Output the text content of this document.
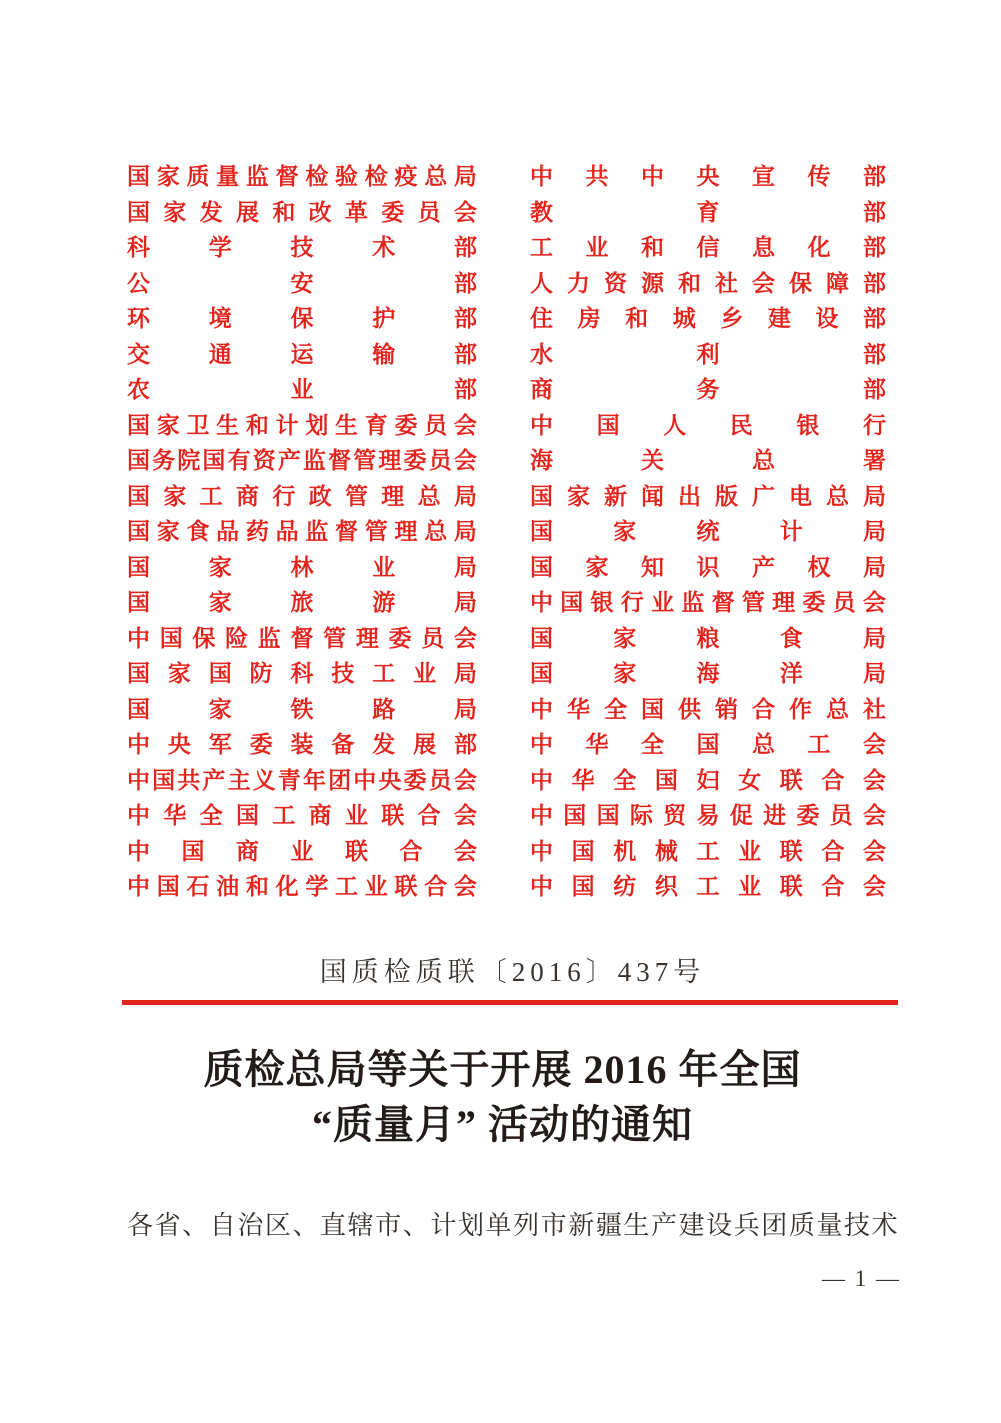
国 家 质 量 监 督 检 验 检 疫 总 局
国 家 发 展 和 改 革 委 员 会
科	学	技	术	部
公	安	部
环	境	保	护	部
交	通	运	输	部
农	业	部
国 家 卫 生 和 计 划 生 育 委 员 会
国 务 院 国 有 资 产 监 督 管 理 委 员 会
国 家 工 商 行 政 管 理 总 局
国 家 食 品 药 品 监 督 管 理 总 局
国	家	林	业	局
国	家	旅	游	局
中 国 保 险 监 督 管 理 委 员 会
国 家 国 防 科 技 工 业 局
国	家	铁	路	局
中 央 军 委 装 备 发 展 部
中 国 共 产 主 义 青 年 团 中 央 委 员 会
中 华 全 国 工 商 业 联 合 会
中 国 商 业 联 合 会
中 国 石 油 和 化 学 工 业 联 合 会
中 共 中 央 宣 传 部
教	育	部
工 业 和 信 息 化 部
人 力 资 源 和 社 会 保 障 部
住 房 和 城 乡 建 设 部
水	利	部
商	务	部
中 国 人 民 银 行
海	关	总	署
国 家 新 闻 出 版 广 电 总 局
国	家	统	计	局
国 家 知 识 产 权 局
中 国 银 行 业 监 督 管 理 委 员 会
国	家	粮	食	局
国	家	海	洋	局
中 华 全 国 供 销 合 作 总 社
中 华 全 国 总 工 会
中 华 全 国 妇 女 联 合 会
中 国 国 际 贸 易 促 进 委 员 会
中 国 机 械 工 业 联 合 会
中 国 纺 织 工 业 联 合 会
国质检质联〔2016〕437号
质检总局等关于开展 2016 年全国
“质量月” 活动的通知
各 省 、 自 治 区 、 直 辖 市 、 计 划 单 列 市 新 疆 生 产 建 设 兵 团 质 量 技 术
— 1 —
